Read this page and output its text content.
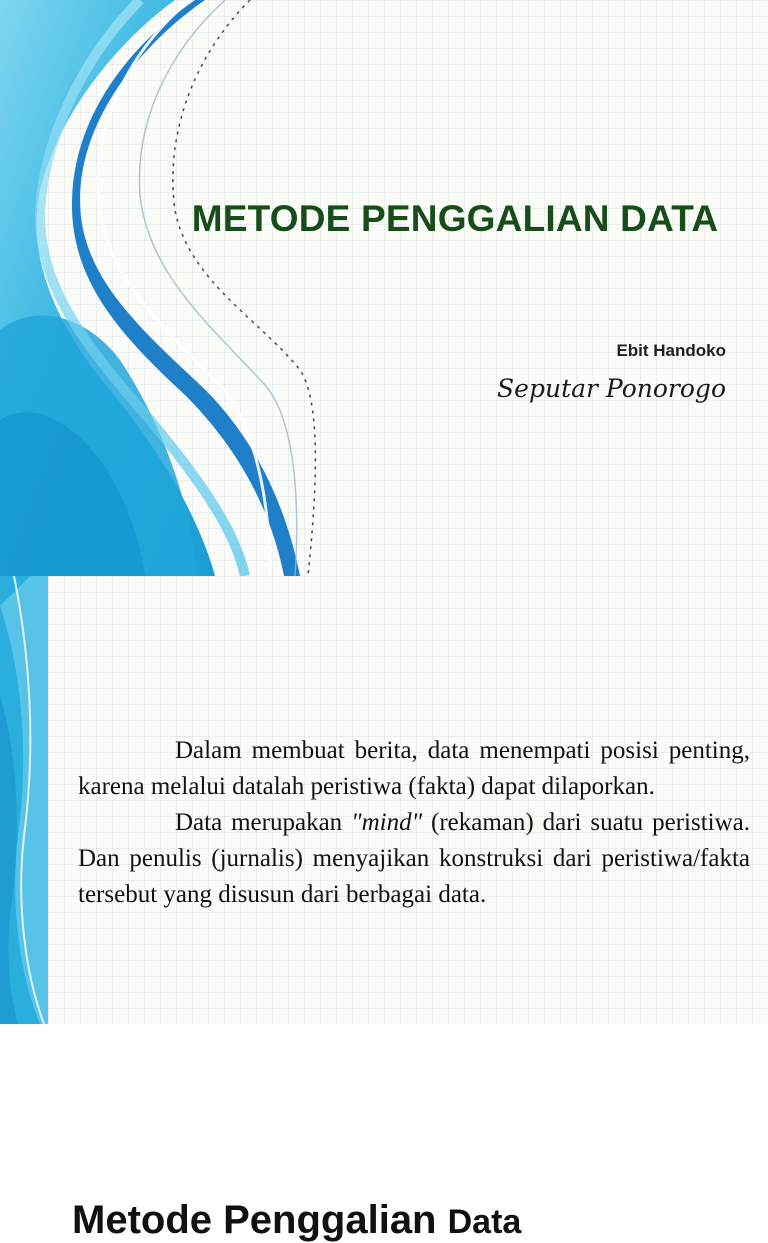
METODE PENGGALIAN DATA
Ebit Handoko
Seputar Ponorogo
Metode Penggalian Data

Dalam membuat berita, data menempati posisi penting, karena melalui datalah peristiwa (fakta) dapat dilaporkan.

Data merupakan "mind" (rekaman) dari suatu peristiwa. Dan penulis (jurnalis) menyajikan konstruksi dari peristiwa/fakta tersebut yang disusun dari berbagai data.
